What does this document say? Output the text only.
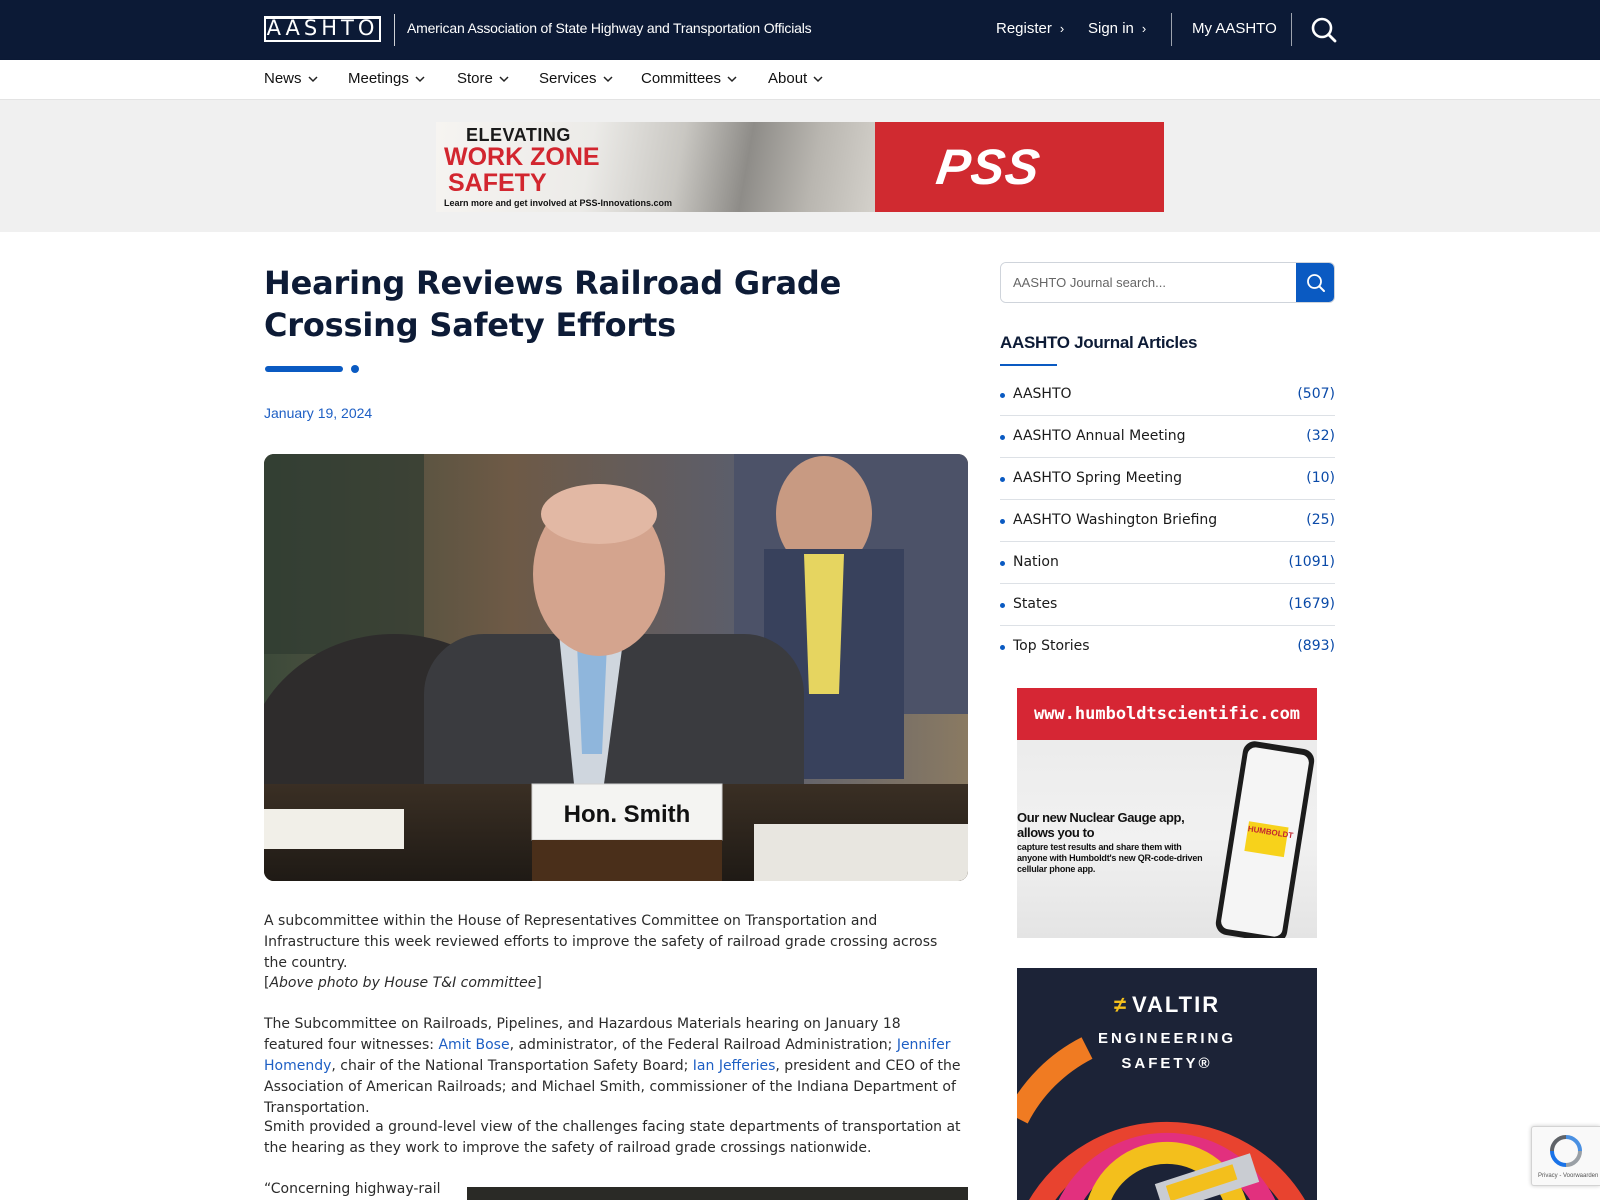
AASHTO American Association of State Highway and Transportation Officials	Register › Sign in ›	My AASHTO
News	Meetings	Store	Services	Committees	About
ELEVATING
WORK ZONE
SAFETY
Learn more and get involved at PSS-Innovations.com
PSS
Hearing Reviews Railroad Grade Crossing Safety Efforts
January 19, 2024
Hon. Smith

A subcommittee within the House of Representatives Committee on Transportation and Infrastructure this week reviewed efforts to improve the safety of railroad grade crossing across the country.

[Above photo by House T&I committee]

The Subcommittee on Railroads, Pipelines, and Hazardous Materials hearing on January 18 featured four witnesses: Amit Bose, administrator, of the Federal Railroad Administration; Jennifer Homendy, chair of the National Transportation Safety Board; Ian Jefferies, president and CEO of the Association of American Railroads; and Michael Smith, commissioner of the Indiana Department of Transportation.

Smith provided a ground-level view of the challenges facing state departments of transportation at the hearing as they work to improve the safety of railroad grade crossings nationwide.

“Concerning highway-rail

AASHTO Journal search...
AASHTO Journal Articles
AASHTO	(507)
AASHTO Annual Meeting	(32)
AASHTO Spring Meeting	(10)
AASHTO Washington Briefing	(25)
Nation	(1091)
States	(1679)
Top Stories	(893)
www.humboldtscientific.com
Our new Nuclear Gauge app, allows you to
capture test results and share them with anyone with Humboldt's new QR-code-driven cellular phone app.
HUMBOLDT
≠ VALTIR
ENGINEERING
SAFETY®
Privacy - Voorwaarden
